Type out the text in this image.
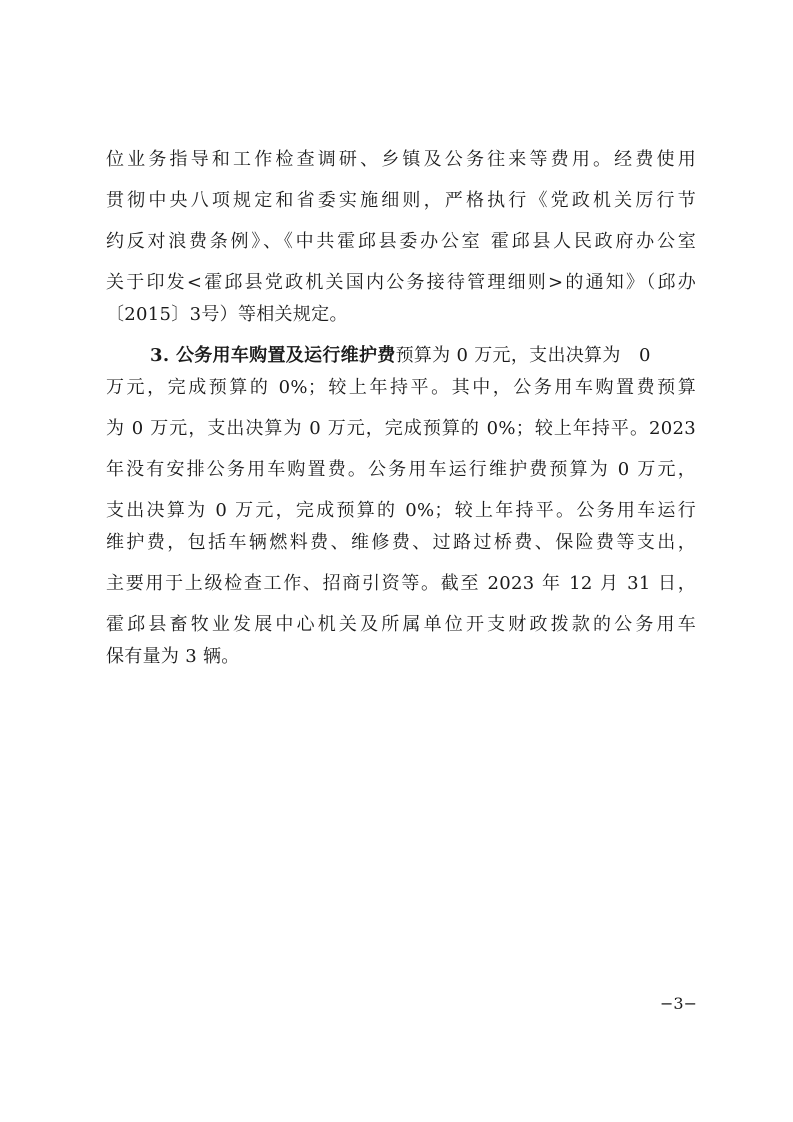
位业务指导和工作检查调研、乡镇及公务往来等费用。经费使用
贯彻中央八项规定和省委实施细则，严格执行《党政机关厉行节
约反对浪费条例》、《中共霍邱县委办公室 霍邱县人民政府办公室
关于印发<霍邱县党政机关国内公务接待管理细则>的通知》（邱办
〔2015〕3号）等相关规定。
3. 公务用车购置及运行维护费预算为 0 万元，支出决算为　0
万元，完成预算的 0%；较上年持平。其中，公务用车购置费预算
为 0 万元，支出决算为 0 万元，完成预算的 0%；较上年持平。2023
年没有安排公务用车购置费。公务用车运行维护费预算为 0 万元，
支出决算为 0 万元，完成预算的 0%；较上年持平。公务用车运行
维护费，包括车辆燃料费、维修费、过路过桥费、保险费等支出，
主要用于上级检查工作、招商引资等。截至 2023 年 12 月 31 日，
霍邱县畜牧业发展中心机关及所属单位开支财政拨款的公务用车
保有量为 3 辆。
−3−
